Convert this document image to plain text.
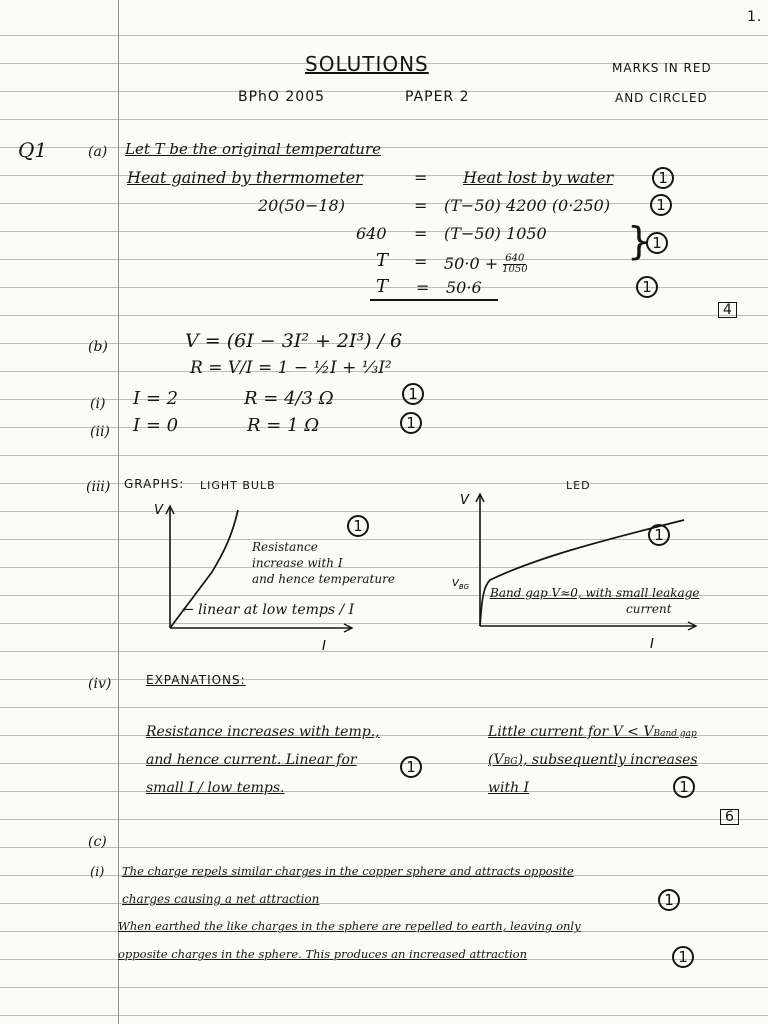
1.
SOLUTIONS
BPhO 2005	PAPER 2
MARKS IN RED
AND CIRCLED
Q1	(a) Let T be the original temperature
Heat gained by thermometer	= Heat lost by water	1
20(50−18)	= (T−50) 4200 (0·250)	1
640 = (T−50) 1050 } 1
$T = 50\cdot 0 + \frac{640}{1050}$
T = 50·6	1
4
(b)	V = (6I − 3I² + 2I³) / 6
R = V/I = 1 − ½I + ⅓I²
(i) I = 2	R = 4/3 Ω	1
(ii) I = 0	R = 1 Ω	1
(iii) GRAPHS: LIGHT BULB	LED
V
I
Resistance
increase with I
and hence temperature
← linear at low temps / I
1
V
I
$V_{BG}$
1
Band gap V≈0, with small leakage
current
(iv)	EXPANATIONS:
Resistance increases with temp.,
and hence current. Linear for
small I / low temps.
1
Little current for V < VBand gap
(VBG), subsequently increases
with I	1
6
(c)
(i) The charge repels similar charges in the copper sphere and attracts opposite
charges causing a net attraction	1
When earthed the like charges in the sphere are repelled to earth, leaving only
opposite charges in the sphere. This produces an increased attraction	1
